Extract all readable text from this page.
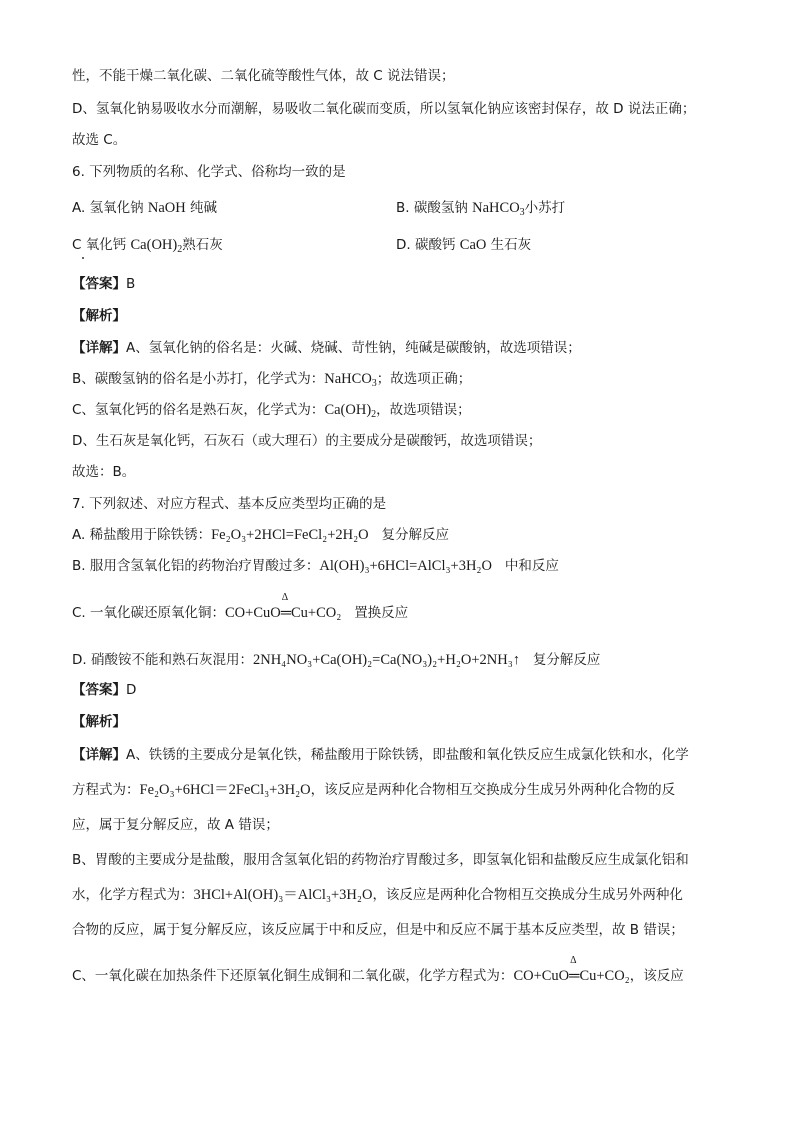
性，不能干燥二氧化碳、二氧化硫等酸性气体，故 C 说法错误；
D、氢氧化钠易吸收水分而潮解，易吸收二氧化碳而变质，所以氢氧化钠应该密封保存，故 D 说法正确；
故选 C。
6. 下列物质的名称、化学式、俗称均一致的是
A. 氢氧化钠 NaOH 纯碱	B. 碳酸氢钠 NaHCO$_3$小苏打
C 氧化钙 $Ca(OH)_2$熟石灰	D. 碳酸钙 CaO 生石灰
【答案】B
【解析】
【详解】A、氢氧化钠的俗名是：火碱、烧碱、苛性钠，纯碱是碳酸钠，故选项错误；
B、碳酸氢钠的俗名是小苏打，化学式为：NaHCO$_3$；故选项正确；
C、氢氧化钙的俗名是熟石灰，化学式为：$Ca(OH)_2$，故选项错误；
D、生石灰是氧化钙，石灰石（或大理石）的主要成分是碳酸钙，故选项错误；
故选：B。
7. 下列叙述、对应方程式、基本反应类型均正确的是
A. 稀盐酸用于除铁锈：Fe₂O₃+2HCl=FeCl₂+2H₂O 复分解反应
B. 服用含氢氧化铝的药物治疗胃酸过多：Al(OH)₃+6HCl=AlCl₃+3H₂O 中和反应
C. 一氧化碳还原氧化铜：CO+CuO
Δ
═Cu+CO₂ 置换反应
D. 硝酸铵不能和熟石灰混用：2NH₄NO₃+Ca(OH)₂=Ca(NO₃)₂+H₂O+2NH₃↑ 复分解反应
【答案】D
【解析】
【详解】A、铁锈的主要成分是氧化铁，稀盐酸用于除铁锈，即盐酸和氧化铁反应生成氯化铁和水，化学
方程式为：Fe₂O₃+6HCl＝2FeCl₃+3H₂O，该反应是两种化合物相互交换成分生成另外两种化合物的反
应，属于复分解反应，故 A 错误；
B、胃酸的主要成分是盐酸，服用含氢氧化铝的药物治疗胃酸过多，即氢氧化铝和盐酸反应生成氯化铝和
水，化学方程式为：3HCl+Al(OH)₃＝AlCl₃+3H₂O，该反应是两种化合物相互交换成分生成另外两种化
合物的反应，属于复分解反应，该反应属于中和反应，但是中和反应不属于基本反应类型，故 B 错误；
C、一氧化碳在加热条件下还原氧化铜生成铜和二氧化碳，化学方程式为：CO+CuO
Δ
═Cu+CO₂，该反应
